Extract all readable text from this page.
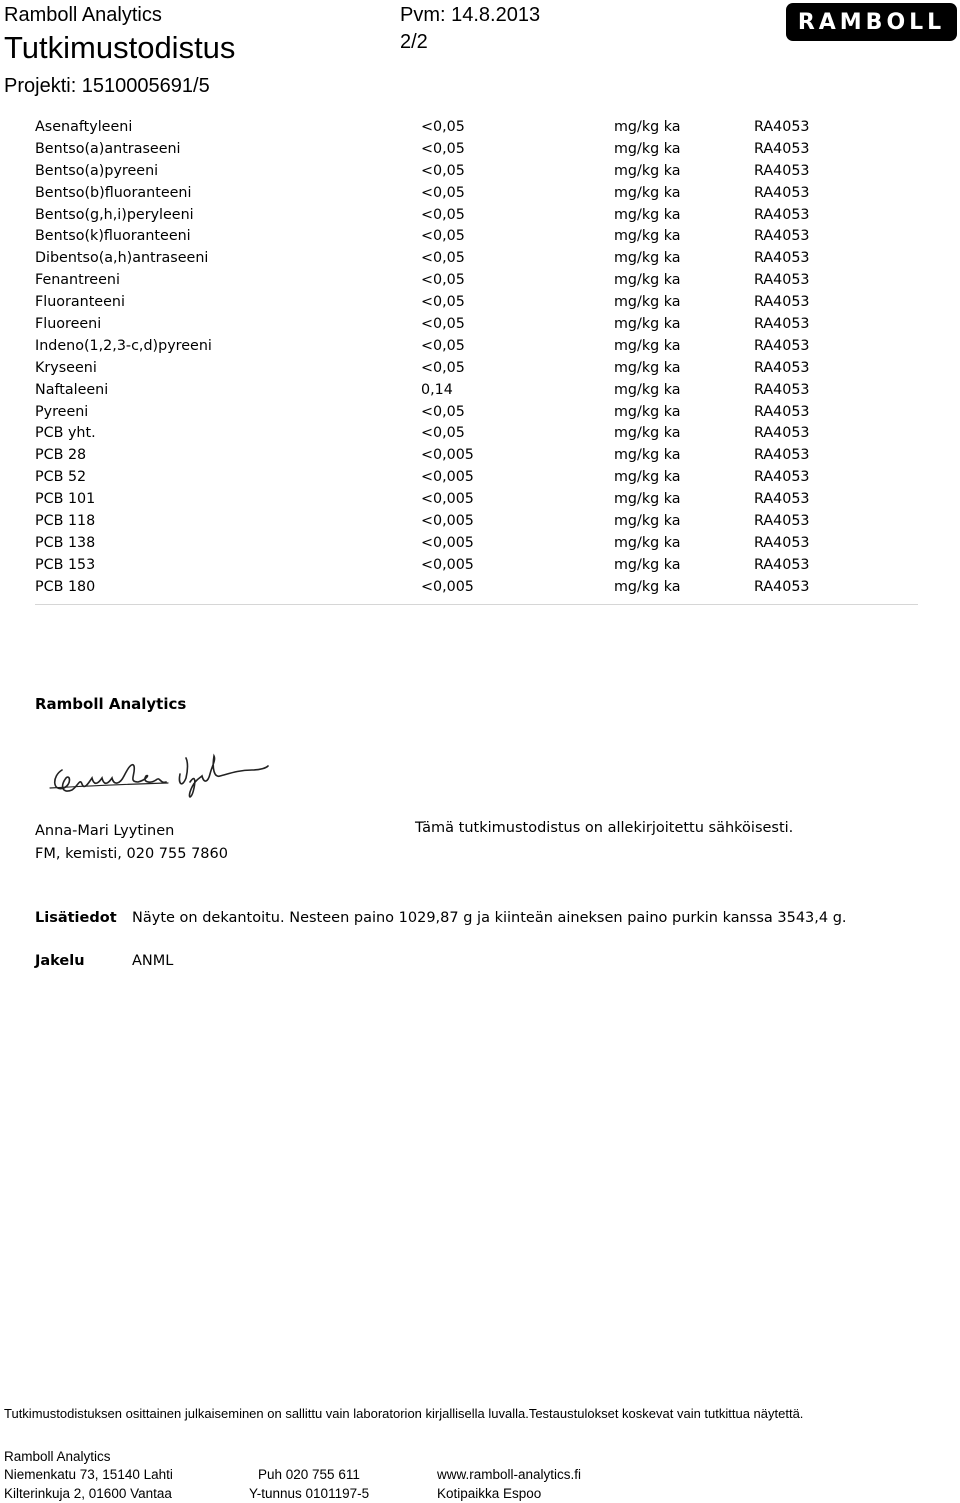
Ramboll Analytics
Tutkimustodistus
Projekti: 1510005691/5
Pvm: 14.8.2013
2/2
RAMBOLL
Asenaftyleeni	<0,05	mg/kg ka	RA4053
Bentso(a)antraseeni	<0,05	mg/kg ka	RA4053
Bentso(a)pyreeni	<0,05	mg/kg ka	RA4053
Bentso(b)fluoranteeni	<0,05	mg/kg ka	RA4053
Bentso(g,h,i)peryleeni	<0,05	mg/kg ka	RA4053
Bentso(k)fluoranteeni	<0,05	mg/kg ka	RA4053
Dibentso(a,h)antraseeni	<0,05	mg/kg ka	RA4053
Fenantreeni	<0,05	mg/kg ka	RA4053
Fluoranteeni	<0,05	mg/kg ka	RA4053
Fluoreeni	<0,05	mg/kg ka	RA4053
Indeno(1,2,3-c,d)pyreeni	<0,05	mg/kg ka	RA4053
Kryseeni	<0,05	mg/kg ka	RA4053
Naftaleeni	0,14	mg/kg ka	RA4053
Pyreeni	<0,05	mg/kg ka	RA4053
PCB yht.	<0,05	mg/kg ka	RA4053
PCB 28	<0,005	mg/kg ka	RA4053
PCB 52	<0,005	mg/kg ka	RA4053
PCB 101	<0,005	mg/kg ka	RA4053
PCB 118	<0,005	mg/kg ka	RA4053
PCB 138	<0,005	mg/kg ka	RA4053
PCB 153	<0,005	mg/kg ka	RA4053
PCB 180	<0,005	mg/kg ka	RA4053
Ramboll Analytics
Anna-Mari Lyytinen
FM, kemisti, 020 755 7860
Tämä tutkimustodistus on allekirjoitettu sähköisesti.
Lisätiedot Näyte on dekantoitu. Nesteen paino 1029,87 g ja kiinteän aineksen paino purkin kanssa 3543,4 g.
Jakelu	ANML
Tutkimustodistuksen osittainen julkaiseminen on sallittu vain laboratorion kirjallisella luvalla.Testaustulokset koskevat vain tutkittua näytettä.
Ramboll Analytics
Niemenkatu 73, 15140 Lahti	Puh 020 755 611	www.ramboll-analytics.fi
Kilterinkuja 2, 01600 Vantaa	Y-tunnus 0101197-5	Kotipaikka Espoo
